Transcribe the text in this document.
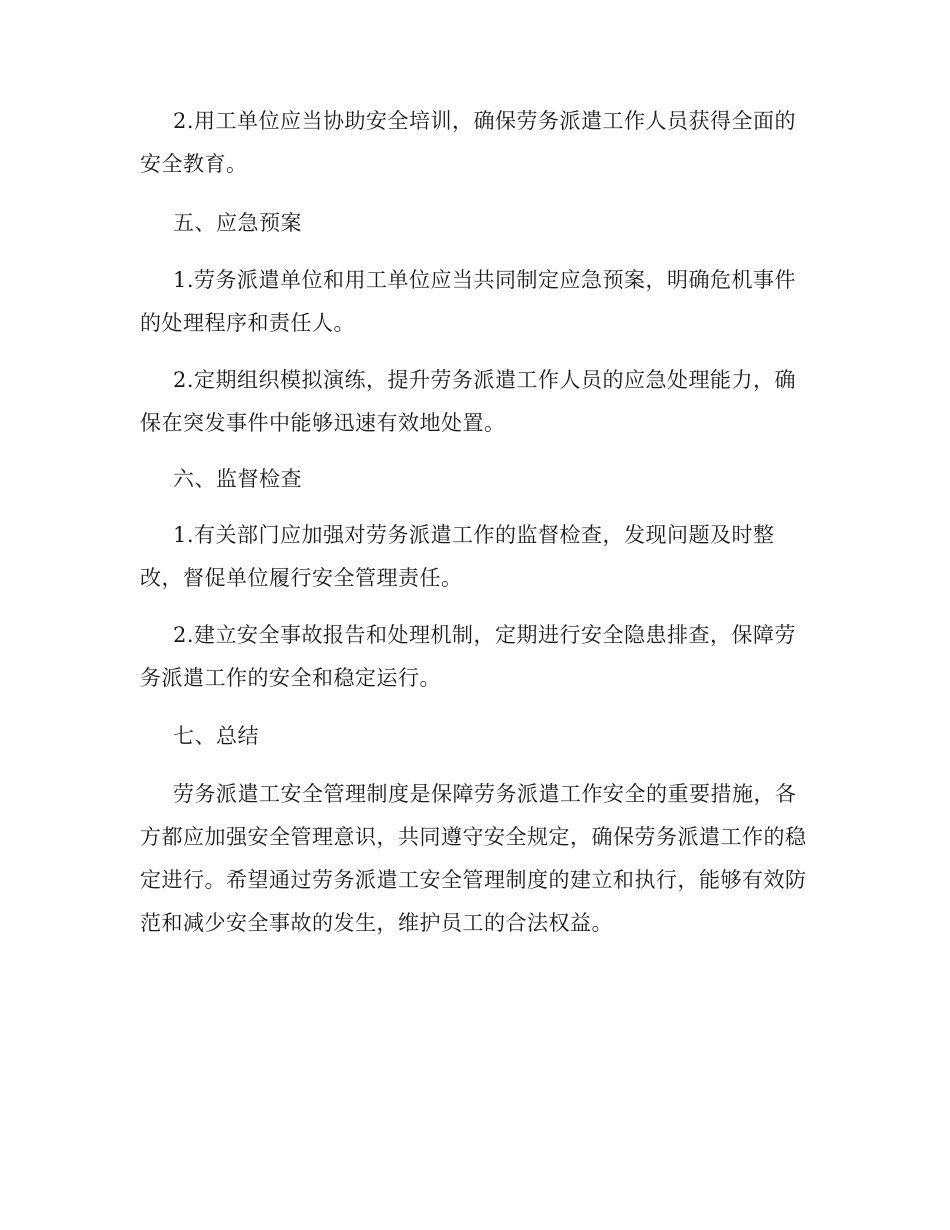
2.用工单位应当协助安全培训，确保劳务派遣工作人员获得全面的安全教育。

五、应急预案

1.劳务派遣单位和用工单位应当共同制定应急预案，明确危机事件的处理程序和责任人。

2.定期组织模拟演练，提升劳务派遣工作人员的应急处理能力，确保在突发事件中能够迅速有效地处置。

六、监督检查

1.有关部门应加强对劳务派遣工作的监督检查，发现问题及时整改，督促单位履行安全管理责任。

2.建立安全事故报告和处理机制，定期进行安全隐患排查，保障劳务派遣工作的安全和稳定运行。

七、总结

劳务派遣工安全管理制度是保障劳务派遣工作安全的重要措施，各方都应加强安全管理意识，共同遵守安全规定，确保劳务派遣工作的稳定进行。希望通过劳务派遣工安全管理制度的建立和执行，能够有效防范和减少安全事故的发生，维护员工的合法权益。
